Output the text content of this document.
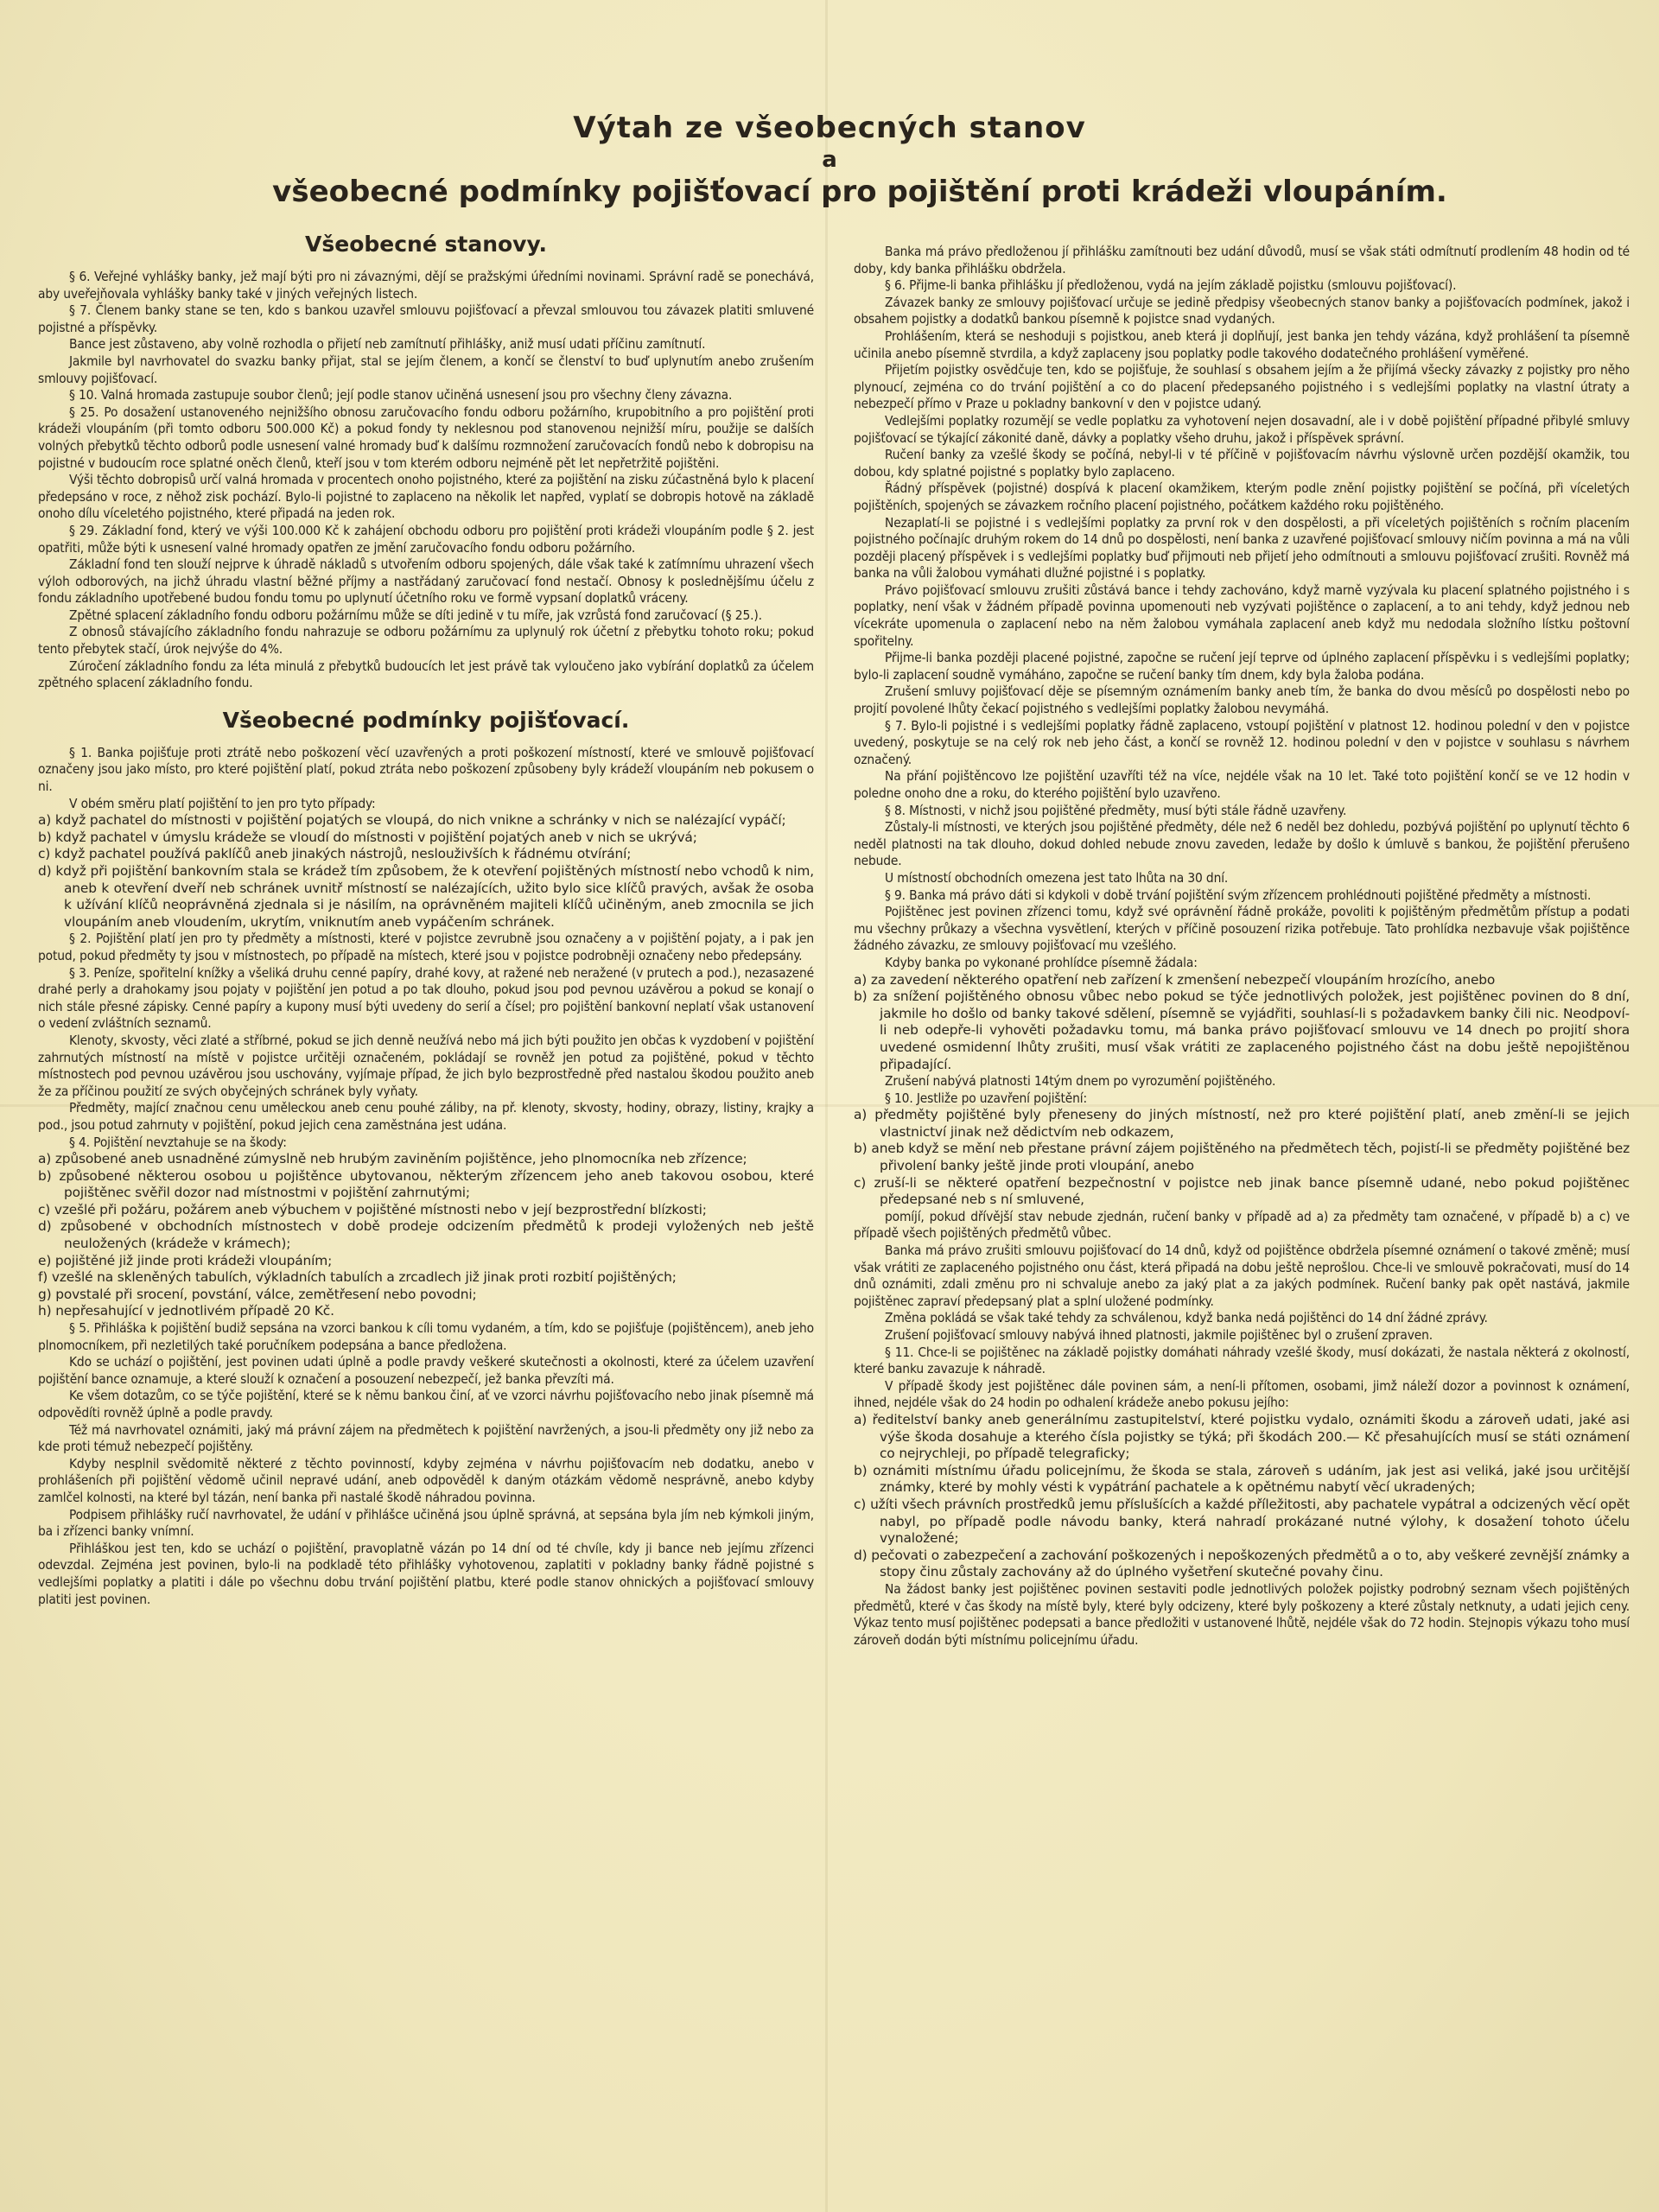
Výtah ze všeobecných stanov

a

všeobecné podmínky pojišťovací pro pojištění proti krádeži vloupáním.

Všeobecné stanovy.

§ 6. Veřejné vyhlášky banky, jež mají býti pro ni závaznými, dějí se pražskými úředními novinami. Správní radě se ponechává, aby uveřejňovala vyhlášky banky také v jiných veřejných listech.

§ 7. Členem banky stane se ten, kdo s bankou uzavřel smlouvu pojišťovací a převzal smlouvou tou závazek platiti smluvené pojistné a příspěvky.

Bance jest zůstaveno, aby volně rozhodla o přijetí neb zamítnutí přihlášky, aniž musí udati příčinu zamítnutí.

Jakmile byl navrhovatel do svazku banky přijat, stal se jejím členem, a končí se členství to buď uplynutím anebo zrušením smlouvy pojišťovací.

§ 10. Valná hromada zastupuje soubor členů; její podle stanov učiněná usnesení jsou pro všechny členy závazna.

§ 25. Po dosažení ustanoveného nejnižšího obnosu zaručovacího fondu odboru požárního, krupobitního a pro pojištění proti krádeži vloupáním (při tomto odboru 500.000 Kč) a pokud fondy ty neklesnou pod stanovenou nejnižší míru, použije se dalších volných přebytků těchto odborů podle usnesení valné hromady buď k dalšímu rozmnožení zaručovacích fondů nebo k dobropisu na pojistné v budoucím roce splatné oněch členů, kteří jsou v tom kterém odboru nejméně pět let nepřetržitě pojištěni.

Výši těchto dobropisů určí valná hromada v procentech onoho pojistného, které za pojištění na zisku zúčastněná bylo k placení předepsáno v roce, z něhož zisk pochází. Bylo-li pojistné to zaplaceno na několik let napřed, vyplatí se dobropis hotově na základě onoho dílu víceletého pojistného, které připadá na jeden rok.

§ 29. Základní fond, který ve výši 100.000 Kč k zahájení obchodu odboru pro pojištění proti krádeži vloupáním podle § 2. jest opatřiti, může býti k usnesení valné hromady opatřen ze jmění zaručovacího fondu odboru požárního.

Základní fond ten slouží nejprve k úhradě nákladů s utvořením odboru spojených, dále však také k zatímnímu uhrazení všech výloh odborových, na jichž úhradu vlastní běžné příjmy a nastřádaný zaručovací fond nestačí. Obnosy k poslednějšímu účelu z fondu základního upotřebené budou fondu tomu po uplynutí účetního roku ve formě vypsaní doplatků vráceny.

Zpětné splacení základního fondu odboru požárnímu může se díti jedině v tu míře, jak vzrůstá fond zaručovací (§ 25.).

Z obnosů stávajícího základního fondu nahrazuje se odboru požárnímu za uplynulý rok účetní z přebytku tohoto roku; pokud tento přebytek stačí, úrok nejvýše do 4%.

Zúročení základního fondu za léta minulá z přebytků budoucích let jest právě tak vyloučeno jako vybírání doplatků za účelem zpětného splacení základního fondu.

Všeobecné podmínky pojišťovací.

§ 1. Banka pojišťuje proti ztrátě nebo poškození věcí uzavřených a proti poškození místností, které ve smlouvě pojišťovací označeny jsou jako místo, pro které pojištění platí, pokud ztráta nebo poškození způsobeny byly krádeží vloupáním neb pokusem o ni.

V obém směru platí pojištění to jen pro tyto případy:

a) když pachatel do místnosti v pojištění pojatých se vloupá, do nich vnikne a schránky v nich se nalézající vypáčí;

b) když pachatel v úmyslu krádeže se vloudí do místnosti v pojištění pojatých aneb v nich se ukrývá;

c) když pachatel používá paklíčů aneb jinakých nástrojů, neslouživších k řádnému otvírání;

d) když při pojištění bankovním stala se krádež tím způsobem, že k otevření pojištěných místností nebo vchodů k nim, aneb k otevření dveří neb schránek uvnitř místností se nalézajících, užito bylo sice klíčů pravých, avšak že osoba k užívání klíčů neoprávněná zjednala si je násilím, na oprávněném majiteli klíčů učiněným, aneb zmocnila se jich vloupáním aneb vloudením, ukrytím, vniknutím aneb vypáčením schránek.

§ 2. Pojištění platí jen pro ty předměty a místnosti, které v pojistce zevrubně jsou označeny a v pojištění pojaty, a i pak jen potud, pokud předměty ty jsou v místnostech, po případě na místech, které jsou v pojistce podrobněji označeny nebo předepsány.

§ 3. Peníze, spořitelní knížky a všeliká druhu cenné papíry, drahé kovy, at ražené neb neražené (v prutech a pod.), nezasazené drahé perly a drahokamy jsou pojaty v pojištění jen potud a po tak dlouho, pokud jsou pod pevnou uzávěrou a pokud se konají o nich stále přesné zápisky. Cenné papíry a kupony musí býti uvedeny do serií a čísel; pro pojištění bankovní neplatí však ustanovení o vedení zvláštních seznamů.

Klenoty, skvosty, věci zlaté a stříbrné, pokud se jich denně neužívá nebo má jich býti použito jen občas k vyzdobení v pojištění zahrnutých místností na místě v pojistce určitěji označeném, pokládají se rovněž jen potud za pojištěné, pokud v těchto místnostech pod pevnou uzávěrou jsou uschovány, vyjímaje případ, že jich bylo bezprostředně před nastalou škodou použito aneb že za příčinou použití ze svých obyčejných schránek byly vyňaty.

Předměty, mající značnou cenu uměleckou aneb cenu pouhé záliby, na př. klenoty, skvosty, hodiny, obrazy, listiny, krajky a pod., jsou potud zahrnuty v pojištění, pokud jejich cena zaměstnána jest udána.

§ 4. Pojištění nevztahuje se na škody:

a) způsobené aneb usnadněné zúmyslně neb hrubým zaviněním pojištěnce, jeho plnomocníka neb zřízence;

b) způsobené některou osobou u pojištěnce ubytovanou, některým zřízencem jeho aneb takovou osobou, které pojištěnec svěřil dozor nad místnostmi v pojištění zahrnutými;

c) vzešlé při požáru, požárem aneb výbuchem v pojištěné místnosti nebo v její bezprostřední blízkosti;

d) způsobené v obchodních místnostech v době prodeje odcizením předmětů k prodeji vyložených neb ještě neuložených (krádeže v krámech);

e) pojištěné již jinde proti krádeži vloupáním;

f) vzešlé na skleněných tabulích, výkladních tabulích a zrcadlech již jinak proti rozbití pojištěných;

g) povstalé při srocení, povstání, válce, zemětřesení nebo povodni;

h) nepřesahující v jednotlivém případě 20 Kč.

§ 5. Přihláška k pojištění budiž sepsána na vzorci bankou k cíli tomu vydaném, a tím, kdo se pojišťuje (pojištěncem), aneb jeho plnomocníkem, při nezletilých také poručníkem podepsána a bance předložena.

Kdo se uchází o pojištění, jest povinen udati úplně a podle pravdy veškeré skutečnosti a okolnosti, které za účelem uzavření pojištění bance oznamuje, a které slouží k označení a posouzení nebezpečí, jež banka převzíti má.

Ke všem dotazům, co se týče pojištění, které se k němu bankou činí, ať ve vzorci návrhu pojišťovacího nebo jinak písemně má odpovědíti rovněž úplně a podle pravdy.

Též má navrhovatel oznámiti, jaký má právní zájem na předmětech k pojištění navržených, a jsou-li předměty ony již nebo za kde proti témuž nebezpečí pojištěny.

Kdyby nesplnil svědomitě některé z těchto povinností, kdyby zejména v návrhu pojišťovacím neb dodatku, anebo v prohlášeních při pojištění vědomě učinil nepravé udání, aneb odpověděl k daným otázkám vědomě nesprávně, anebo kdyby zamlčel kolnosti, na které byl tázán, není banka při nastalé škodě náhradou povinna.

Podpisem přihlášky ručí navrhovatel, že udání v přihlášce učiněná jsou úplně správná, at sepsána byla jím neb kýmkoli jiným, ba i zřízenci banky vnímní.

Přihláškou jest ten, kdo se uchází o pojištění, pravoplatně vázán po 14 dní od té chvíle, kdy ji bance neb jejímu zřízenci odevzdal. Zejména jest povinen, bylo-li na podkladě této přihlášky vyhotovenou, zaplatiti v pokladny banky řádně pojistné s vedlejšími poplatky a platiti i dále po všechnu dobu trvání pojištění platbu, které podle stanov ohnických a pojišťovací smlouvy platiti jest povinen.

Banka má právo předloženou jí přihlášku zamítnouti bez udání důvodů, musí se však státi odmítnutí prodlením 48 hodin od té doby, kdy banka přihlášku obdržela.

§ 6. Přijme-li banka přihlášku jí předloženou, vydá na jejím základě pojistku (smlouvu pojišťovací).

Závazek banky ze smlouvy pojišťovací určuje se jedině předpisy všeobecných stanov banky a pojišťovacích podmínek, jakož i obsahem pojistky a dodatků bankou písemně k pojistce snad vydaných.

Prohlášením, která se neshoduji s pojistkou, aneb která ji doplňují, jest banka jen tehdy vázána, když prohlášení ta písemně učinila anebo písemně stvrdila, a když zaplaceny jsou poplatky podle takového dodatečného prohlášení vyměřené.

Přijetím pojistky osvědčuje ten, kdo se pojišťuje, že souhlasí s obsahem jejím a že přijímá všecky závazky z pojistky pro něho plynoucí, zejména co do trvání pojištění a co do placení předepsaného pojistného i s vedlejšími poplatky na vlastní útraty a nebezpečí přímo v Praze u pokladny bankovní v den v pojistce udaný.

Vedlejšími poplatky rozumějí se vedle poplatku za vyhotovení nejen dosavadní, ale i v době pojištění případné přibylé smluvy pojišťovací se týkající zákonité daně, dávky a poplatky všeho druhu, jakož i příspěvek správní.

Ručení banky za vzešlé škody se počíná, nebyl-li v té příčině v pojišťovacím návrhu výslovně určen pozdější okamžik, tou dobou, kdy splatné pojistné s poplatky bylo zaplaceno.

Řádný příspěvek (pojistné) dospívá k placení okamžikem, kterým podle znění pojistky pojištění se počíná, při víceletých pojištěních, spojených se závazkem ročního placení pojistného, počátkem každého roku pojištěného.

Nezaplatí-li se pojistné i s vedlejšími poplatky za první rok v den dospělosti, a při víceletých pojištěních s ročním placením pojistného počínajíc druhým rokem do 14 dnů po dospělosti, není banka z uzavřené pojišťovací smlouvy ničím povinna a má na vůli později placený příspěvek i s vedlejšími poplatky buď přijmouti neb přijetí jeho odmítnouti a smlouvu pojišťovací zrušiti. Rovněž má banka na vůli žalobou vymáhati dlužné pojistné i s poplatky.

Právo pojišťovací smlouvu zrušiti zůstává bance i tehdy zachováno, když marně vyzývala ku placení splatného pojistného i s poplatky, není však v žádném případě povinna upomenouti neb vyzývati pojištěnce o zaplacení, a to ani tehdy, když jednou neb vícekráte upomenula o zaplacení nebo na něm žalobou vymáhala zaplacení aneb když mu nedodala složního lístku poštovní spořitelny.

Přijme-li banka později placené pojistné, započne se ručení její teprve od úplného zaplacení příspěvku i s vedlejšími poplatky; bylo-li zaplacení soudně vymáháno, započne se ručení banky tím dnem, kdy byla žaloba podána.

Zrušení smluvy pojišťovací děje se písemným oznámením banky aneb tím, že banka do dvou měsíců po dospělosti nebo po projití povolené lhůty čekací pojistného s vedlejšími poplatky žalobou nevymáhá.

§ 7. Bylo-li pojistné i s vedlejšími poplatky řádně zaplaceno, vstoupí pojištění v platnost 12. hodinou polední v den v pojistce uvedený, poskytuje se na celý rok neb jeho část, a končí se rovněž 12. hodinou polední v den v pojistce v souhlasu s návrhem označený.

Na přání pojištěncovo lze pojištění uzavříti též na více, nejdéle však na 10 let. Také toto pojištění končí se ve 12 hodin v poledne onoho dne a roku, do kterého pojištění bylo uzavřeno.

§ 8. Místnosti, v nichž jsou pojištěné předměty, musí býti stále řádně uzavřeny.

Zůstaly-li místnosti, ve kterých jsou pojištěné předměty, déle než 6 neděl bez dohledu, pozbývá pojištění po uplynutí těchto 6 neděl platnosti na tak dlouho, dokud dohled nebude znovu zaveden, ledaže by došlo k úmluvě s bankou, že pojištění přerušeno nebude.

U místností obchodních omezena jest tato lhůta na 30 dní.

§ 9. Banka má právo dáti si kdykoli v době trvání pojištění svým zřízencem prohlédnouti pojištěné předměty a místnosti.

Pojištěnec jest povinen zřízenci tomu, když své oprávnění řádně prokáže, povoliti k pojištěným předmětům přístup a podati mu všechny průkazy a všechna vysvětlení, kterých v příčině posouzení rizika potřebuje. Tato prohlídka nezbavuje však pojištěnce žádného závazku, ze smlouvy pojišťovací mu vzešlého.

Kdyby banka po vykonané prohlídce písemně žádala:

a) za zavedení některého opatření neb zařízení k zmenšení nebezpečí vloupáním hrozícího, anebo

b) za snížení pojištěného obnosu vůbec nebo pokud se týče jednotlivých položek, jest pojištěnec povinen do 8 dní, jakmile ho došlo od banky takové sdělení, písemně se vyjádřiti, souhlasí-li s požadavkem banky čili nic. Neodpoví-li neb odepře-li vyhověti požadavku tomu, má banka právo pojišťovací smlouvu ve 14 dnech po projití shora uvedené osmidenní lhůty zrušiti, musí však vrátiti ze zaplaceného pojistného část na dobu ještě nepojištěnou připadající.

Zrušení nabývá platnosti 14tým dnem po vyrozumění pojištěného.

§ 10. Jestliže po uzavření pojištění:

a) předměty pojištěné byly přeneseny do jiných místností, než pro které pojištění platí, aneb změní-li se jejich vlastnictví jinak než dědictvím neb odkazem,

b) aneb když se mění neb přestane právní zájem pojištěného na předmětech těch, pojistí-li se předměty pojištěné bez přivolení banky ještě jinde proti vloupání, anebo

c) zruší-li se některé opatření bezpečnostní v pojistce neb jinak bance písemně udané, nebo pokud pojištěnec předepsané neb s ní smluvené,

pomíjí, pokud dřívější stav nebude zjednán, ručení banky v případě ad a) za předměty tam označené, v případě b) a c) ve případě všech pojištěných předmětů vůbec.

Banka má právo zrušiti smlouvu pojišťovací do 14 dnů, když od pojištěnce obdržela písemné oznámení o takové změně; musí však vrátiti ze zaplaceného pojistného onu část, která připadá na dobu ještě neprošlou. Chce-li ve smlouvě pokračovati, musí do 14 dnů oznámiti, zdali změnu pro ni schvaluje anebo za jaký plat a za jakých podmínek. Ručení banky pak opět nastává, jakmile pojištěnec zapraví předepsaný plat a splní uložené podmínky.

Změna pokládá se však také tehdy za schválenou, když banka nedá pojištěnci do 14 dní žádné zprávy.

Zrušení pojišťovací smlouvy nabývá ihned platnosti, jakmile pojištěnec byl o zrušení zpraven.

§ 11. Chce-li se pojištěnec na základě pojistky domáhati náhrady vzešlé škody, musí dokázati, že nastala některá z okolností, které banku zavazuje k náhradě.

V případě škody jest pojištěnec dále povinen sám, a není-li přítomen, osobami, jimž náleží dozor a povinnost k oznámení, ihned, nejdéle však do 24 hodin po odhalení krádeže anebo pokusu jejího:

a) ředitelství banky aneb generálnímu zastupitelství, které pojistku vydalo, oznámiti škodu a zároveň udati, jaké asi výše škoda dosahuje a kterého čísla pojistky se týká; při škodách 200.— Kč přesahujících musí se státi oznámení co nejrychleji, po případě telegraficky;

b) oznámiti místnímu úřadu policejnímu, že škoda se stala, zároveň s udáním, jak jest asi veliká, jaké jsou určitější známky, které by mohly vésti k vypátrání pachatele a k opětnému nabytí věcí ukradených;

c) užíti všech právních prostředků jemu příslušících a každé příležitosti, aby pachatele vypátral a odcizených věcí opět nabyl, po případě podle návodu banky, která nahradí prokázané nutné výlohy, k dosažení tohoto účelu vynaložené;

d) pečovati o zabezpečení a zachování poškozených i nepoškozených předmětů a o to, aby veškeré zevnější známky a stopy činu zůstaly zachovány až do úplného vyšetření skutečné povahy činu.

Na žádost banky jest pojištěnec povinen sestaviti podle jednotlivých položek pojistky podrobný seznam všech pojištěných předmětů, které v čas škody na místě byly, které byly odcizeny, které byly poškozeny a které zůstaly netknuty, a udati jejich ceny. Výkaz tento musí pojištěnec podepsati a bance předložiti v ustanovené lhůtě, nejdéle však do 72 hodin. Stejnopis výkazu toho musí zároveň dodán býti místnímu policejnímu úřadu.
